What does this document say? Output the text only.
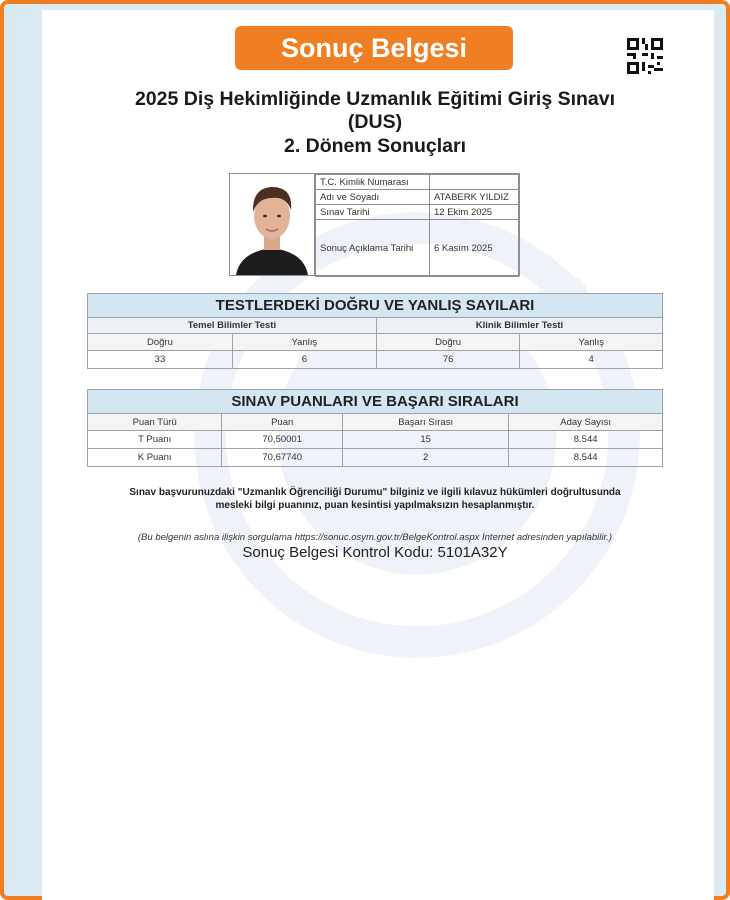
Sonuç Belgesi
2025 Diş Hekimliğinde Uzmanlık Eğitimi Giriş Sınavı
(DUS)
2. Dönem Sonuçları
T.C. Kimlik Numarası	
Adı ve Soyadı	ATABERK YILDIZ
Sınav Tarihi	12 Ekim 2025
Sonuç Açıklama Tarihi	6 Kasım 2025
TESTLERDEKİ DOĞRU VE YANLIŞ SAYILARI			
Temel Bilimler Testi		Klinik Bilimler Testi	
Doğru	Yanlış	Doğru	Yanlış
33	6	76	4
SINAV PUANLARI VE BAŞARI SIRALARI			
Puan Türü	Puan	Başarı Sırası	Aday Sayısı
T Puanı	70,50001	15	8.544
K Puanı	70,67740	2	8.544
Sınav başvurunuzdaki "Uzmanlık Öğrenciliği Durumu" bilginiz ve ilgili kılavuz hükümleri doğrultusunda
mesleki bilgi puanınız, puan kesintisi yapılmaksızın hesaplanmıştır.
(Bu belgenin aslına ilişkin sorgulama https://sonuc.osym.gov.tr/BelgeKontrol.aspx Internet adresinden yapılabilir.)
Sonuç Belgesi Kontrol Kodu: 5101A32Y
